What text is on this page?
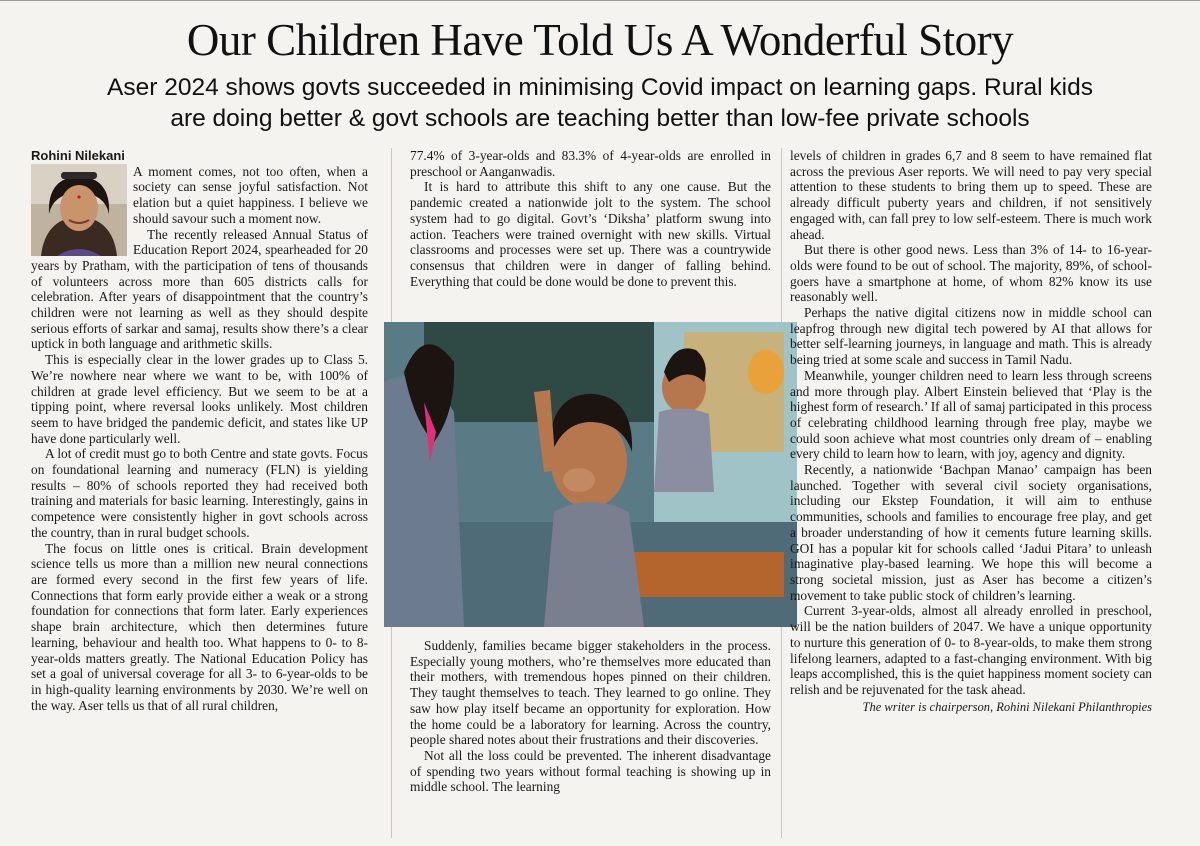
Our Children Have Told Us A Wonderful Story
Aser 2024 shows govts succeeded in minimising Covid impact on learning gaps. Rural kids
are doing better & govt schools are teaching better than low-fee private schools

Rohini Nilekani

A moment comes, not too often, when a society can sense joyful satisfaction. Not elation but a quiet happiness. I believe we should savour such a moment now.

The recently released Annual Status of Education Report 2024, spearheaded for 20 years by Pratham, with the participation of tens of thousands of volunteers across more than 605 districts calls for celebration. After years of disappointment that the country’s children were not learning as well as they should despite serious efforts of sarkar and samaj, results show there’s a clear uptick in both language and arithmetic skills.

This is especially clear in the lower grades up to Class 5. We’re nowhere near where we want to be, with 100% of children at grade level efficiency. But we seem to be at a tipping point, where reversal looks unlikely. Most children seem to have bridged the pandemic deficit, and states like UP have done particularly well.

A lot of credit must go to both Centre and state govts. Focus on foundational learning and numeracy (FLN) is yielding results – 80% of schools reported they had received both training and materials for basic learning. Interestingly, gains in competence were consistently higher in govt schools across the country, than in rural budget schools.

The focus on little ones is critical. Brain development science tells us more than a million new neural connections are formed every second in the first few years of life. Connections that form early provide either a weak or a strong foundation for connections that form later. Early experiences shape brain architecture, which then determines future learning, behaviour and health too. What happens to 0- to 8-year-olds matters greatly. The National Education Policy has set a goal of universal coverage for all 3- to 6-year-olds to be in high-quality learning environments by 2030. We’re well on the way. Aser tells us that of all rural children,

77.4% of 3-year-olds and 83.3% of 4-year-olds are enrolled in preschool or Aanganwadis.

It is hard to attribute this shift to any one cause. But the pandemic created a nationwide jolt to the system. The school system had to go digital. Govt’s ‘Diksha’ platform swung into action. Teachers were trained overnight with new skills. Virtual classrooms and processes were set up. There was a countrywide consensus that children were in danger of falling behind. Everything that could be done would be done to prevent this.

Suddenly, families became bigger stakeholders in the process. Especially young mothers, who’re themselves more educated than their mothers, with tremendous hopes pinned on their children. They taught themselves to teach. They learned to go online. They saw how play itself became an opportunity for exploration. How the home could be a laboratory for learning. Across the country, people shared notes about their frustrations and their discoveries.

Not all the loss could be prevented. The inherent disadvantage of spending two years without formal teaching is showing up in middle school. The learning

levels of children in grades 6,7 and 8 seem to have remained flat across the previous Aser reports. We will need to pay very special attention to these students to bring them up to speed. These are already difficult puberty years and children, if not sensitively engaged with, can fall prey to low self-esteem. There is much work ahead.

But there is other good news. Less than 3% of 14- to 16-year-olds were found to be out of school. The majority, 89%, of school-goers have a smartphone at home, of whom 82% know its use reasonably well.

Perhaps the native digital citizens now in middle school can leapfrog through new digital tech powered by AI that allows for better self-learning journeys, in language and math. This is already being tried at some scale and success in Tamil Nadu.

Meanwhile, younger children need to learn less through screens and more through play. Albert Einstein believed that ‘Play is the highest form of research.’ If all of samaj participated in this process of celebrating childhood learning through free play, maybe we could soon achieve what most countries only dream of – enabling every child to learn how to learn, with joy, agency and dignity.

Recently, a nationwide ‘Bachpan Manao’ campaign has been launched. Together with several civil society organisations, including our Ekstep Foundation, it will aim to enthuse communities, schools and families to encourage free play, and get a broader understanding of how it cements future learning skills. GOI has a popular kit for schools called ‘Jadui Pitara’ to unleash imaginative play-based learning. We hope this will become a strong societal mission, just as Aser has become a citizen’s movement to take public stock of children’s learning.

Current 3-year-olds, almost all already enrolled in preschool, will be the nation builders of 2047. We have a unique opportunity to nurture this generation of 0- to 8-year-olds, to make them strong lifelong learners, adapted to a fast-changing environment. With big leaps accomplished, this is the quiet happiness moment society can relish and be rejuvenated for the task ahead.

The writer is chairperson, Rohini Nilekani Philanthropies
